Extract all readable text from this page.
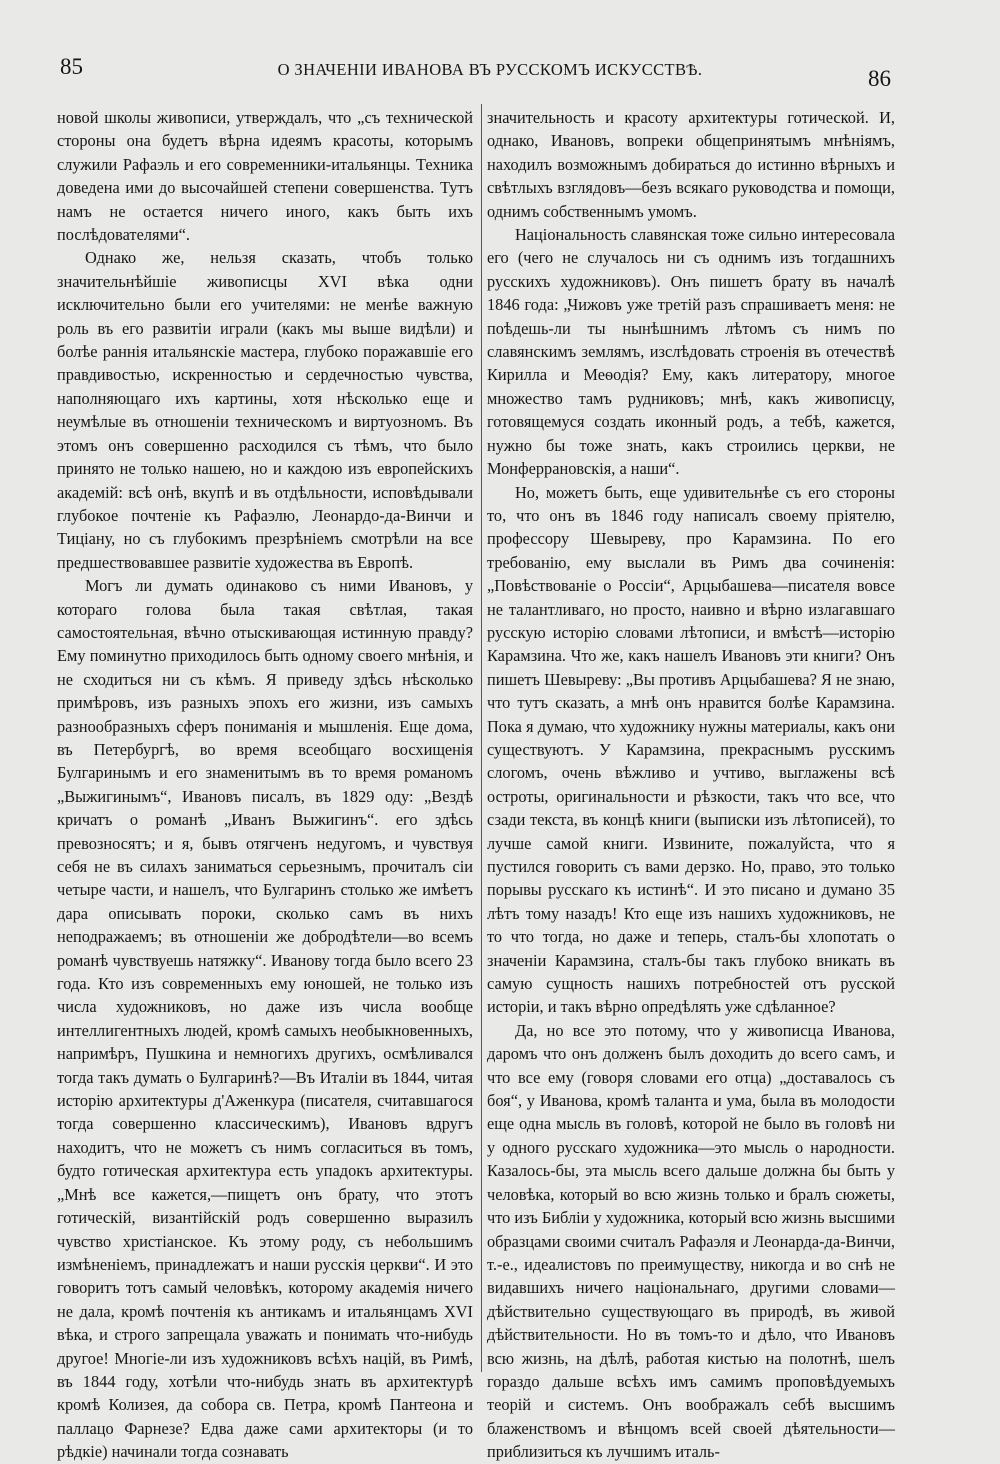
85	О ЗНАЧЕНІИ ИВАНОВА ВЪ РУССКОМЪ ИСКУССТВѢ.	86

новой школы живописи, утверждалъ, что „съ технической стороны она будетъ вѣрна идеямъ красоты, которымъ служили Рафаэль и его современники-итальянцы. Техника доведена ими до высочайшей степени совершенства. Тутъ намъ не остается ничего иного, какъ быть ихъ послѣдователями“.

Однако же, нельзя сказать, чтобъ только значительнѣйшіе живописцы XVI вѣка одни исключительно были его учителями: не менѣе важную роль въ его развитіи играли (какъ мы выше видѣли) и болѣе раннія итальянскіе мастера, глубоко поражавшіе его правдивостью, искренностью и сердечностью чувства, наполняющаго ихъ картины, хотя нѣсколько еще и неумѣлые въ отношеніи техническомъ и виртуозномъ. Въ этомъ онъ совершенно расходился съ тѣмъ, что было принято не только нашею, но и каждою изъ европейскихъ академій: всѣ онѣ, вкупѣ и въ отдѣльности, исповѣдывали глубокое почтеніе къ Рафаэлю, Леонардо-да-Винчи и Тиціану, но съ глубокимъ презрѣніемъ смотрѣли на все предшествовавшее развитіе художества въ Европѣ.

Могъ ли думать одинаково съ ними Ивановъ, у котораго голова была такая свѣтлая, такая самостоятельная, вѣчно отыскивающая истинную правду? Ему поминутно приходилось быть одному своего мнѣнія, и не сходиться ни съ кѣмъ. Я приведу здѣсь нѣсколько примѣровъ, изъ разныхъ эпохъ его жизни, изъ самыхъ разнообразныхъ сферъ пониманія и мышленія. Еще дома, въ Петербургѣ, во время всеобщаго восхищенія Булгаринымъ и его знаменитымъ въ то время романомъ „Выжигинымъ“, Ивановъ писалъ, въ 1829 оду: „Вездѣ кричатъ о романѣ „Иванъ Выжигинъ“. его здѣсь превозносятъ; и я, бывъ отягченъ недугомъ, и чувствуя себя не въ силахъ заниматься серьезнымъ, прочиталъ сіи четыре части, и нашелъ, что Булгаринъ столько же имѣетъ дара описывать пороки, сколько самъ въ нихъ неподражаемъ; въ отношеніи же добродѣтели—во всемъ романѣ чувствуешь натяжку“. Иванову тогда было всего 23 года. Кто изъ современныхъ ему юношей, не только изъ числа художниковъ, но даже изъ числа вообще интеллигентныхъ людей, кромѣ самыхъ необыкновенныхъ, напримѣръ, Пушкина и немногихъ другихъ, осмѣливался тогда такъ думать о Булгаринѣ?—Въ Италіи въ 1844, читая исторію архитектуры д'Ажeнкура (писателя, считавшагося тогда совершенно классическимъ), Ивановъ вдругъ находитъ, что не можетъ съ нимъ согласиться въ томъ, будто готическая архитектура есть упадокъ архитектуры. „Мнѣ все кажется,—пищетъ онъ брату, что этотъ готическій, византійскій родъ совершенно выразилъ чувство христіанское. Къ этому роду, съ небольшимъ измѣненіемъ, принадлежатъ и наши русскія церкви“. И это говоритъ тотъ самый человѣкъ, которому академія ничего не дала, кромѣ почтенія къ антикамъ и итальянцамъ XVI вѣка, и строго запрещала уважать и понимать что-нибудь другое! Многіе-ли изъ художниковъ всѣхъ націй, въ Римѣ, въ 1844 году, хотѣли что-нибудь знать въ архитектурѣ кромѣ Колизея, да собора св. Петра, кромѣ Пантеона и паллацo Фарнезе? Едва даже сами архитекторы (и то рѣдкіе) начинали тогда сознавать

значительность и красоту архитектуры готической. И, однако, Ивановъ, вопреки общепринятымъ мнѣніямъ, находилъ возможнымъ добираться до истинно вѣрныхъ и свѣтлыхъ взглядовъ—безъ всякаго руководства и помощи, однимъ собственнымъ умомъ.

Національность славянская тоже сильно интересовала его (чего не случалось ни съ однимъ изъ тогдашнихъ русскихъ художниковъ). Онъ пишетъ брату въ началѣ 1846 года: „Чижовъ уже третій разъ спрашиваетъ меня: не поѣдешь-ли ты нынѣшнимъ лѣтомъ съ нимъ по славянскимъ землямъ, изслѣдовать строенія въ отечествѣ Кирилла и Меѳодія? Ему, какъ литератору, многое множество тамъ рудниковъ; мнѣ, какъ живописцу, готовящемуся создать иконный родъ, а тебѣ, кажется, нужно бы тоже знать, какъ строились церкви, не Монферрановскія, а наши“.

Но, можетъ быть, еще удивительнѣе съ его стороны то, что онъ въ 1846 году написалъ своему пріятелю, профессору Шевыреву, про Карамзина. По его требованію, ему выслали въ Римъ два сочиненія: „Повѣствованіе о Россіи“, Арцыбашева—писателя вовсе не талантливаго, но просто, наивно и вѣрно излагавшаго русскую исторію словами лѣтописи, и вмѣстѣ—исторію Карамзина. Что же, какъ нашелъ Ивановъ эти книги? Онъ пишетъ Шевыреву: „Вы противъ Арцыбашева? Я не знаю, что тутъ сказать, а мнѣ онъ нравится болѣе Карамзина. Пока я думаю, что художнику нужны материалы, какъ они существуютъ. У Карамзина, прекраснымъ русскимъ слогомъ, очень вѣжливо и учтиво, выглажены всѣ остроты, оригинальности и рѣзкости, такъ что все, что сзади текста, въ концѣ книги (выписки изъ лѣтописей), то лучше самой книги. Извините, пожалуйста, что я пустился говорить съ вами дерзко. Но, право, это только порывы русскаго къ истинѣ“. И это писано и думано 35 лѣтъ тому назадъ! Кто еще изъ нашихъ художниковъ, не то что тогда, но даже и теперь, сталъ-бы хлопотать о значеніи Карамзина, сталъ-бы такъ глубоко вникать въ самую сущность нашихъ потребностей отъ русской исторіи, и такъ вѣрно опредѣлять уже сдѣланное?

Да, но все это потому, что у живописца Иванова, даромъ что онъ долженъ былъ доходить до всего самъ, и что все ему (говоря словами его отца) „доставалось съ боя“, у Иванова, кромѣ таланта и ума, была въ молодости еще одна мысль въ головѣ, которой не было въ головѣ ни у одного русскаго художника—это мысль о народности. Казалось-бы, эта мысль всего дальше должна бы быть у человѣка, который во всю жизнь только и бралъ сюжеты, что изъ Библіи у художника, который всю жизнь высшими образцами своими считалъ Рафаэля и Леонарда-да-Винчи, т.-е., идеалистовъ по преимуществу, никогда и во снѣ не видавшихъ ничего національнаго, другими словами—дѣйствительно существующаго въ природѣ, въ живой дѣйствительности. Но въ томъ-то и дѣло, что Ивановъ всю жизнь, на дѣлѣ, работая кистью на полотнѣ, шелъ гораздо дальше всѣхъ имъ самимъ проповѣдуемыхъ теорій и системъ. Онъ воображалъ себѣ высшимъ блаженствомъ и вѣнцомъ всей своей дѣятельности—приблизиться къ лучшимъ италь-
